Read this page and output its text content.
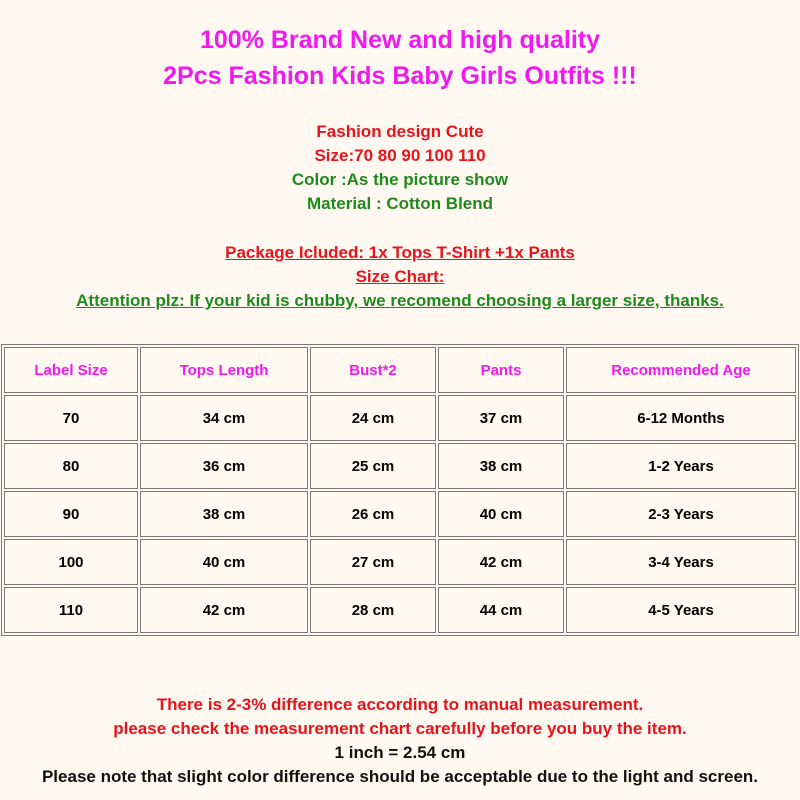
100% Brand New and high quality
2Pcs Fashion Kids Baby Girls Outfits !!!
Fashion design Cute
Size:70 80 90 100 110
Color :As the picture show
Material : Cotton Blend
Package Icluded: 1x Tops T-Shirt +1x Pants
Size Chart:
Attention plz: If your kid is chubby, we recomend choosing a larger size, thanks.
Label Size	Tops Length	Bust*2	Pants	Recommended Age
70	34 cm	24 cm	37 cm	6-12 Months
80	36 cm	25 cm	38 cm	1-2 Years
90	38 cm	26 cm	40 cm	2-3 Years
100	40 cm	27 cm	42 cm	3-4 Years
110	42 cm	28 cm	44 cm	4-5 Years
There is 2-3% difference according to manual measurement.
please check the measurement chart carefully before you buy the item.
1 inch = 2.54 cm
Please note that slight color difference should be acceptable due to the light and screen.
